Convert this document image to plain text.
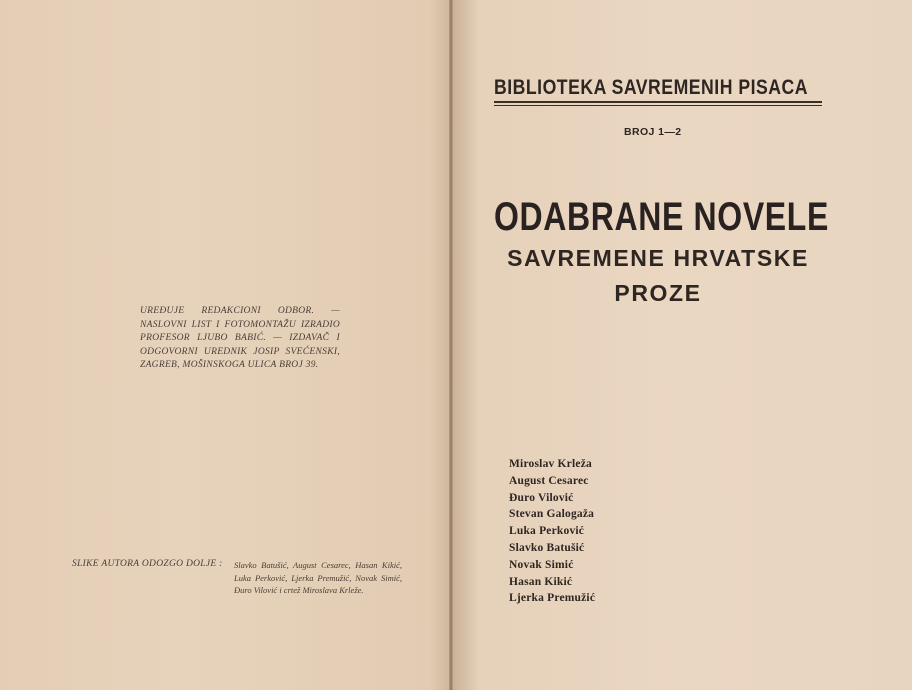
UREĐUJE REDAKCIONI ODBOR. — NASLOVNI LIST I FOTOMONTAŽU IZRADIO PROFESOR LJUBO BABIĆ. — IZDAVAČ I ODGOVORNI UREDNIK JOSIP SVEĆENSKI, ZAGREB, MOŠINSKOGA ULICA BROJ 39.
SLIKE AUTORA ODOZGO DOLJE : Slavko Batušić, August Cesarec, Hasan Kikić, Luka Perković, Ljerka Premužić, Novak Simić, Đuro Vilović i crtež Miroslava Krleže.
BIBLIOTEKA SAVREMENIH PISACA
BROJ 1—2
ODABRANE NOVELE
SAVREMENE HRVATSKE
PROZE
Miroslav Krleža
August Cesarec
Đuro Vilović
Stevan Galogaža
Luka Perković
Slavko Batušić
Novak Simić
Hasan Kikić
Ljerka Premužić
